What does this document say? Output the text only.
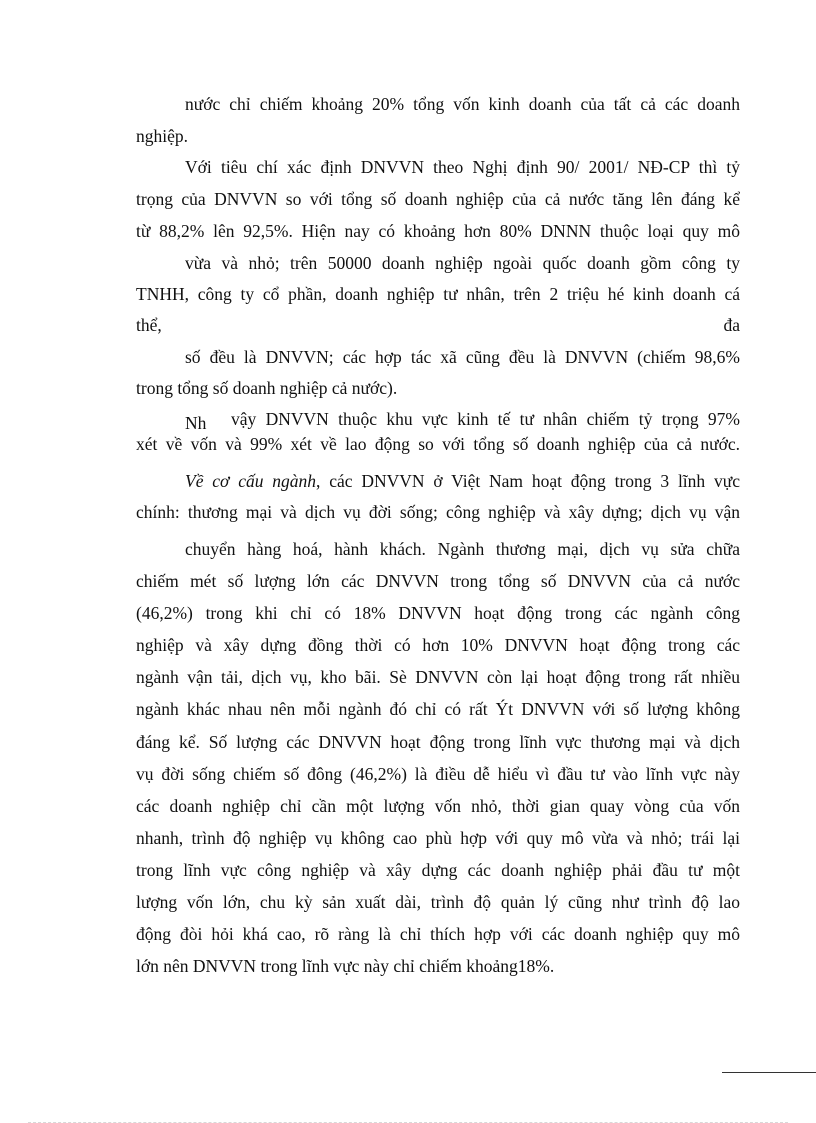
nước chỉ chiếm khoảng 20% tổng vốn kinh doanh của tất cả các doanh
nghiệp.
Với tiêu chí xác định DNVVN theo Nghị định 90/ 2001/ NĐ-CP thì tỷ
trọng của DNVVN so với tổng số doanh nghiệp của cả nước tăng lên đáng kể
từ 88,2% lên 92,5%. Hiện nay có khoảng hơn 80% DNNN thuộc loại quy mô
vừa và nhỏ; trên 50000 doanh nghiệp ngoài quốc doanh gồm công ty
TNHH, công ty cổ phần, doanh nghiệp tư nhân, trên 2 triệu hé kinh doanh cá
thể,	đa
số đều là DNVVN; các hợp tác xã cũng đều là DNVVN (chiếm 98,6%
trong tổng số doanh nghiệp cả nước).
Nh vậy DNVVN thuộc khu vực kinh tế tư nhân chiếm tỷ trọng 97%
xét về vốn và 99% xét về lao động so với tổng số doanh nghiệp của cả nước.
Về cơ cấu ngành, các DNVVN ở Việt Nam hoạt động trong 3 lĩnh vực
chính: thương mại và dịch vụ đời sống; công nghiệp và xây dựng; dịch vụ vận
chuyển hàng hoá, hành khách. Ngành thương mại, dịch vụ sửa chữa
chiếm mét số lượng lớn các DNVVN trong tổng số DNVVN của cả nước
(46,2%) trong khi chỉ có 18% DNVVN hoạt động trong các ngành công
nghiệp và xây dựng đồng thời có hơn 10% DNVVN hoạt động trong các
ngành vận tải, dịch vụ, kho bãi. Sè DNVVN còn lại hoạt động trong rất nhiều
ngành khác nhau nên mỗi ngành đó chỉ có rất Ýt DNVVN với số lượng không
đáng kể. Số lượng các DNVVN hoạt động trong lĩnh vực thương mại và dịch
vụ đời sống chiếm số đông (46,2%) là điều dễ hiểu vì đầu tư vào lĩnh vực này
các doanh nghiệp chỉ cần một lượng vốn nhỏ, thời gian quay vòng của vốn
nhanh, trình độ nghiệp vụ không cao phù hợp với quy mô vừa và nhỏ; trái lại
trong lĩnh vực công nghiệp và xây dựng các doanh nghiệp phải đầu tư một
lượng vốn lớn, chu kỳ sản xuất dài, trình độ quản lý cũng như trình độ lao
động đòi hỏi khá cao, rõ ràng là chỉ thích hợp với các doanh nghiệp quy mô
lớn nên DNVVN trong lĩnh vực này chỉ chiếm khoảng18%.
